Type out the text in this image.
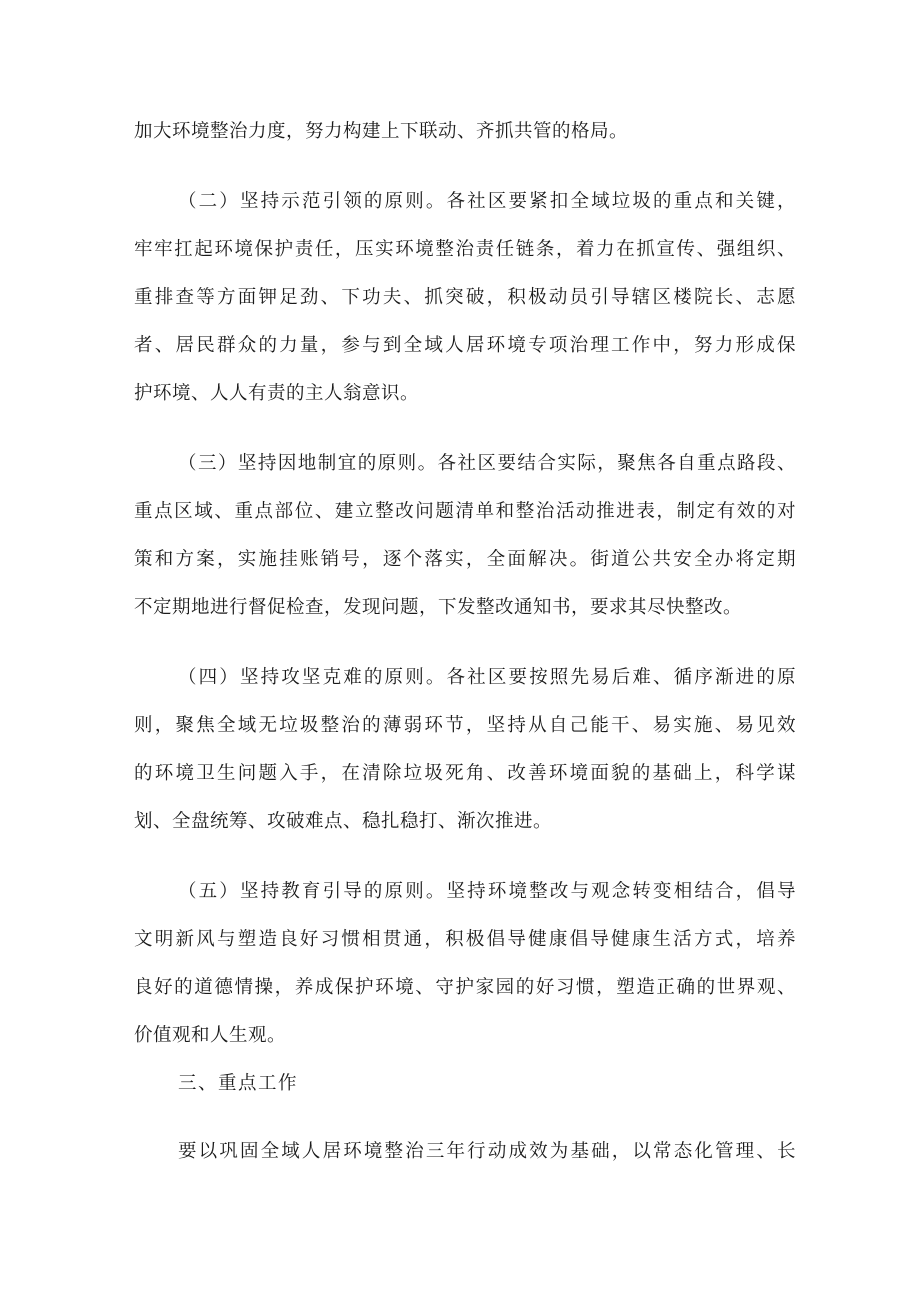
加大环境整治力度，努力构建上下联动、齐抓共管的格局。
（二）坚持示范引领的原则。各社区要紧扣全域垃圾的重点和关键，
牢牢扛起环境保护责任，压实环境整治责任链条，着力在抓宣传、强组织、
重排查等方面钾足劲、下功夫、抓突破，积极动员引导辖区楼院长、志愿
者、居民群众的力量，参与到全域人居环境专项治理工作中，努力形成保
护环境、人人有责的主人翁意识。
（三）坚持因地制宜的原则。各社区要结合实际，聚焦各自重点路段、
重点区域、重点部位、建立整改问题清单和整治活动推进表，制定有效的对
策和方案，实施挂账销号，逐个落实，全面解决。街道公共安全办将定期
不定期地进行督促检查，发现问题，下发整改通知书，要求其尽快整改。
（四）坚持攻坚克难的原则。各社区要按照先易后难、循序渐进的原
则，聚焦全域无垃圾整治的薄弱环节，坚持从自己能干、易实施、易见效
的环境卫生问题入手，在清除垃圾死角、改善环境面貌的基础上，科学谋
划、全盘统筹、攻破难点、稳扎稳打、渐次推进。
（五）坚持教育引导的原则。坚持环境整改与观念转变相结合，倡导
文明新风与塑造良好习惯相贯通，积极倡导健康倡导健康生活方式，培养
良好的道德情操，养成保护环境、守护家园的好习惯，塑造正确的世界观、
价值观和人生观。
三、重点工作
要以巩固全域人居环境整治三年行动成效为基础，以常态化管理、长
